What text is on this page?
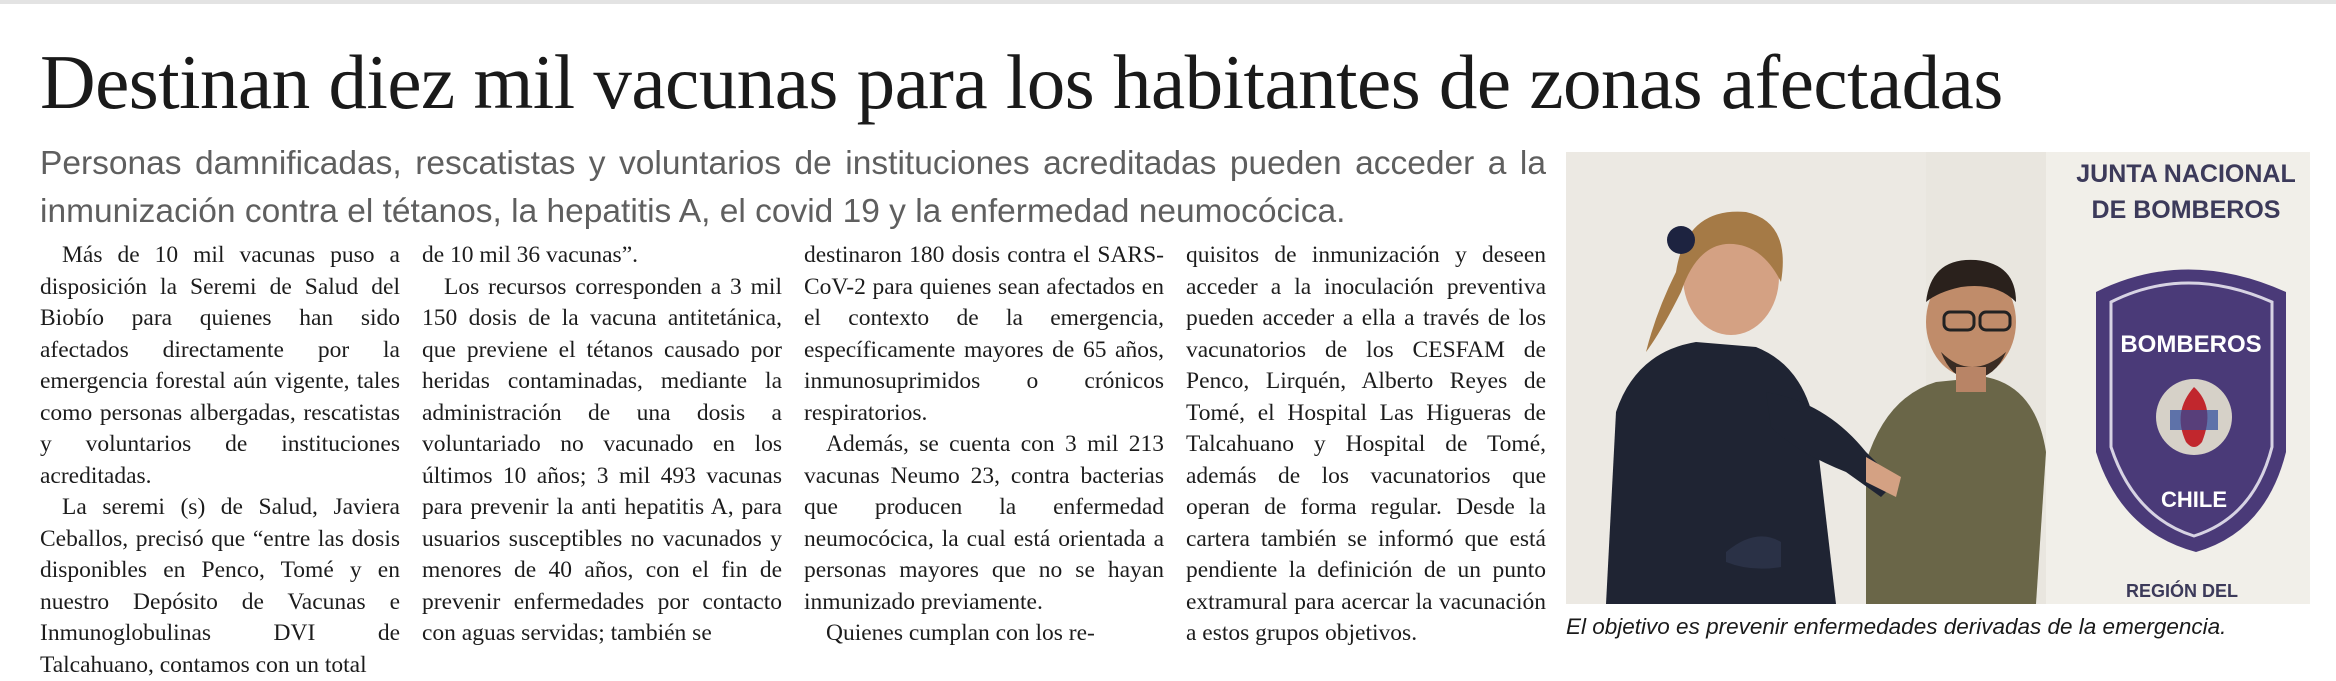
Destinan diez mil vacunas para los habitantes de zonas afectadas

Personas damnificadas, rescatistas y voluntarios de instituciones acreditadas pueden acceder a la inmunización contra el tétanos, la hepatitis A, el covid 19 y la enfermedad neumocócica.

Más de 10 mil vacunas puso a disposición la Seremi de Salud del Biobío para quienes han sido afectados directamente por la emergencia forestal aún vigente, tales como personas albergadas, rescatistas y voluntarios de instituciones acreditadas.

La seremi (s) de Salud, Javiera Ceballos, precisó que “entre las dosis disponibles en Penco, Tomé y en nuestro Depósito de Vacunas e Inmunoglobulinas DVI de Talcahuano, contamos con un total

de 10 mil 36 vacunas”.

Los recursos corresponden a 3 mil 150 dosis de la vacuna antitetánica, que previene el tétanos causado por heridas contaminadas, mediante la administración de una dosis a voluntariado no vacunado en los últimos 10 años; 3 mil 493 vacunas para prevenir la anti hepatitis A, para usuarios susceptibles no vacunados y menores de 40 años, con el fin de prevenir enfermedades por contacto con aguas servidas; también se

destinaron 180 dosis contra el SARS-CoV-2 para quienes sean afectados en el contexto de la emergencia, específicamente mayores de 65 años, inmunosuprimidos o crónicos respiratorios.

Además, se cuenta con 3 mil 213 vacunas Neumo 23, contra bacterias que producen la enfermedad neumocócica, la cual está orientada a personas mayores que no se hayan inmunizado previamente.

Quienes cumplan con los re-

quisitos de inmunización y deseen acceder a la inoculación preventiva pueden acceder a ella a través de los vacunatorios de los CESFAM de Penco, Lirquén, Alberto Reyes de Tomé, el Hospital Las Higueras de Talcahuano y Hospital de Tomé, además de los vacunatorios que operan de forma regular. Desde la cartera también se informó que está pendiente la definición de un punto extramural para acercar la vacunación a estos grupos objetivos.

JUNTA NACIONAL
DE BOMBEROS
BOMBEROS
CHILE
REGIÓN DEL
El objetivo es prevenir enfermedades derivadas de la emergencia.
